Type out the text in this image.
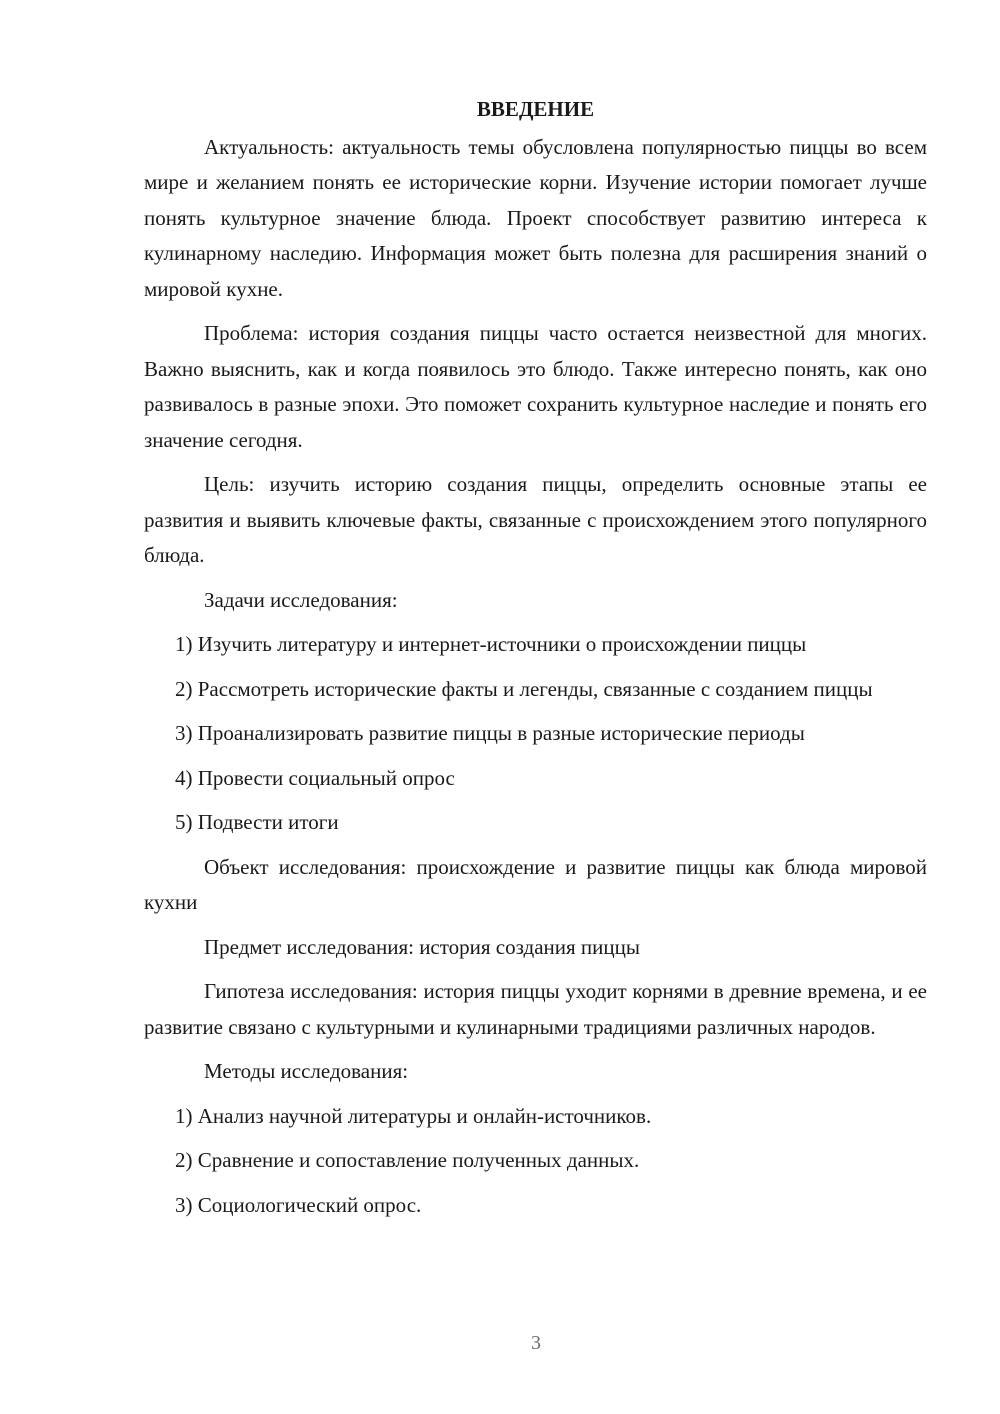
ВВЕДЕНИЕ

Актуальность: актуальность темы обусловлена популярностью пиццы во всем мире и желанием понять ее исторические корни. Изучение истории помогает лучше понять культурное значение блюда. Проект способствует развитию интереса к кулинарному наследию. Информация может быть полезна для расширения знаний о мировой кухне.

Проблема: история создания пиццы часто остается неизвестной для многих. Важно выяснить, как и когда появилось это блюдо. Также интересно понять, как оно развивалось в разные эпохи. Это поможет сохранить культурное наследие и понять его значение сегодня.

Цель: изучить историю создания пиццы, определить основные этапы ее развития и выявить ключевые факты, связанные с происхождением этого популярного блюда.

Задачи исследования:

1) Изучить литературу и интернет-источники о происхождении пиццы

2) Рассмотреть исторические факты и легенды, связанные с созданием пиццы

3) Проанализировать развитие пиццы в разные исторические периоды

4) Провести социальный опрос

5) Подвести итоги

Объект исследования: происхождение и развитие пиццы как блюда мировой кухни

Предмет исследования: история создания пиццы

Гипотеза исследования: история пиццы уходит корнями в древние времена, и ее развитие связано с культурными и кулинарными традициями различных народов.

Методы исследования:

1) Анализ научной литературы и онлайн-источников.

2) Сравнение и сопоставление полученных данных.

3) Социологический опрос.

3
